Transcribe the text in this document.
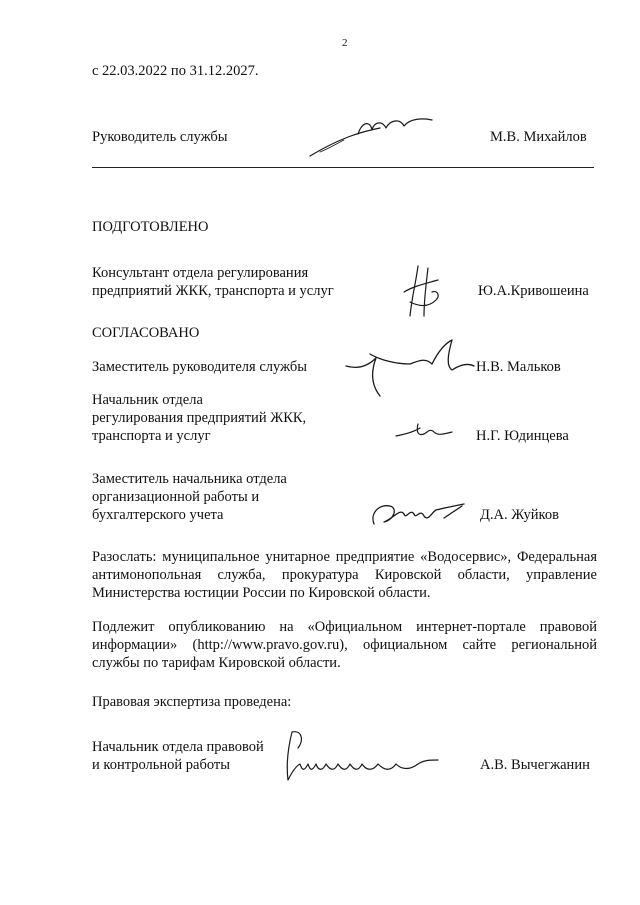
2
с 22.03.2022 по 31.12.2027.
Руководитель службы	М.В. Михайлов
ПОДГОТОВЛЕНО
Консультант отдела регулирования
предприятий ЖКК, транспорта и услуг	Ю.А.Кривошеина
СОГЛАСОВАНО
Заместитель руководителя службы	Н.В. Мальков
Начальник отдела
регулирования предприятий ЖКК,
транспорта и услуг	Н.Г. Юдинцева
Заместитель начальника отдела
организационной работы и
бухгалтерского учета	Д.А. Жуйков
Разослать: муниципальное унитарное предприятие «Водосервис», Федеральная антимонопольная служба, прокуратура Кировской области, управление Министерства юстиции России по Кировской области.
Подлежит опубликованию на «Официальном интернет-портале правовой информации» (http://www.pravo.gov.ru), официальном сайте региональной службы по тарифам Кировской области.
Правовая экспертиза проведена:
Начальник отдела правовой
и контрольной работы	А.В. Вычегжанин
